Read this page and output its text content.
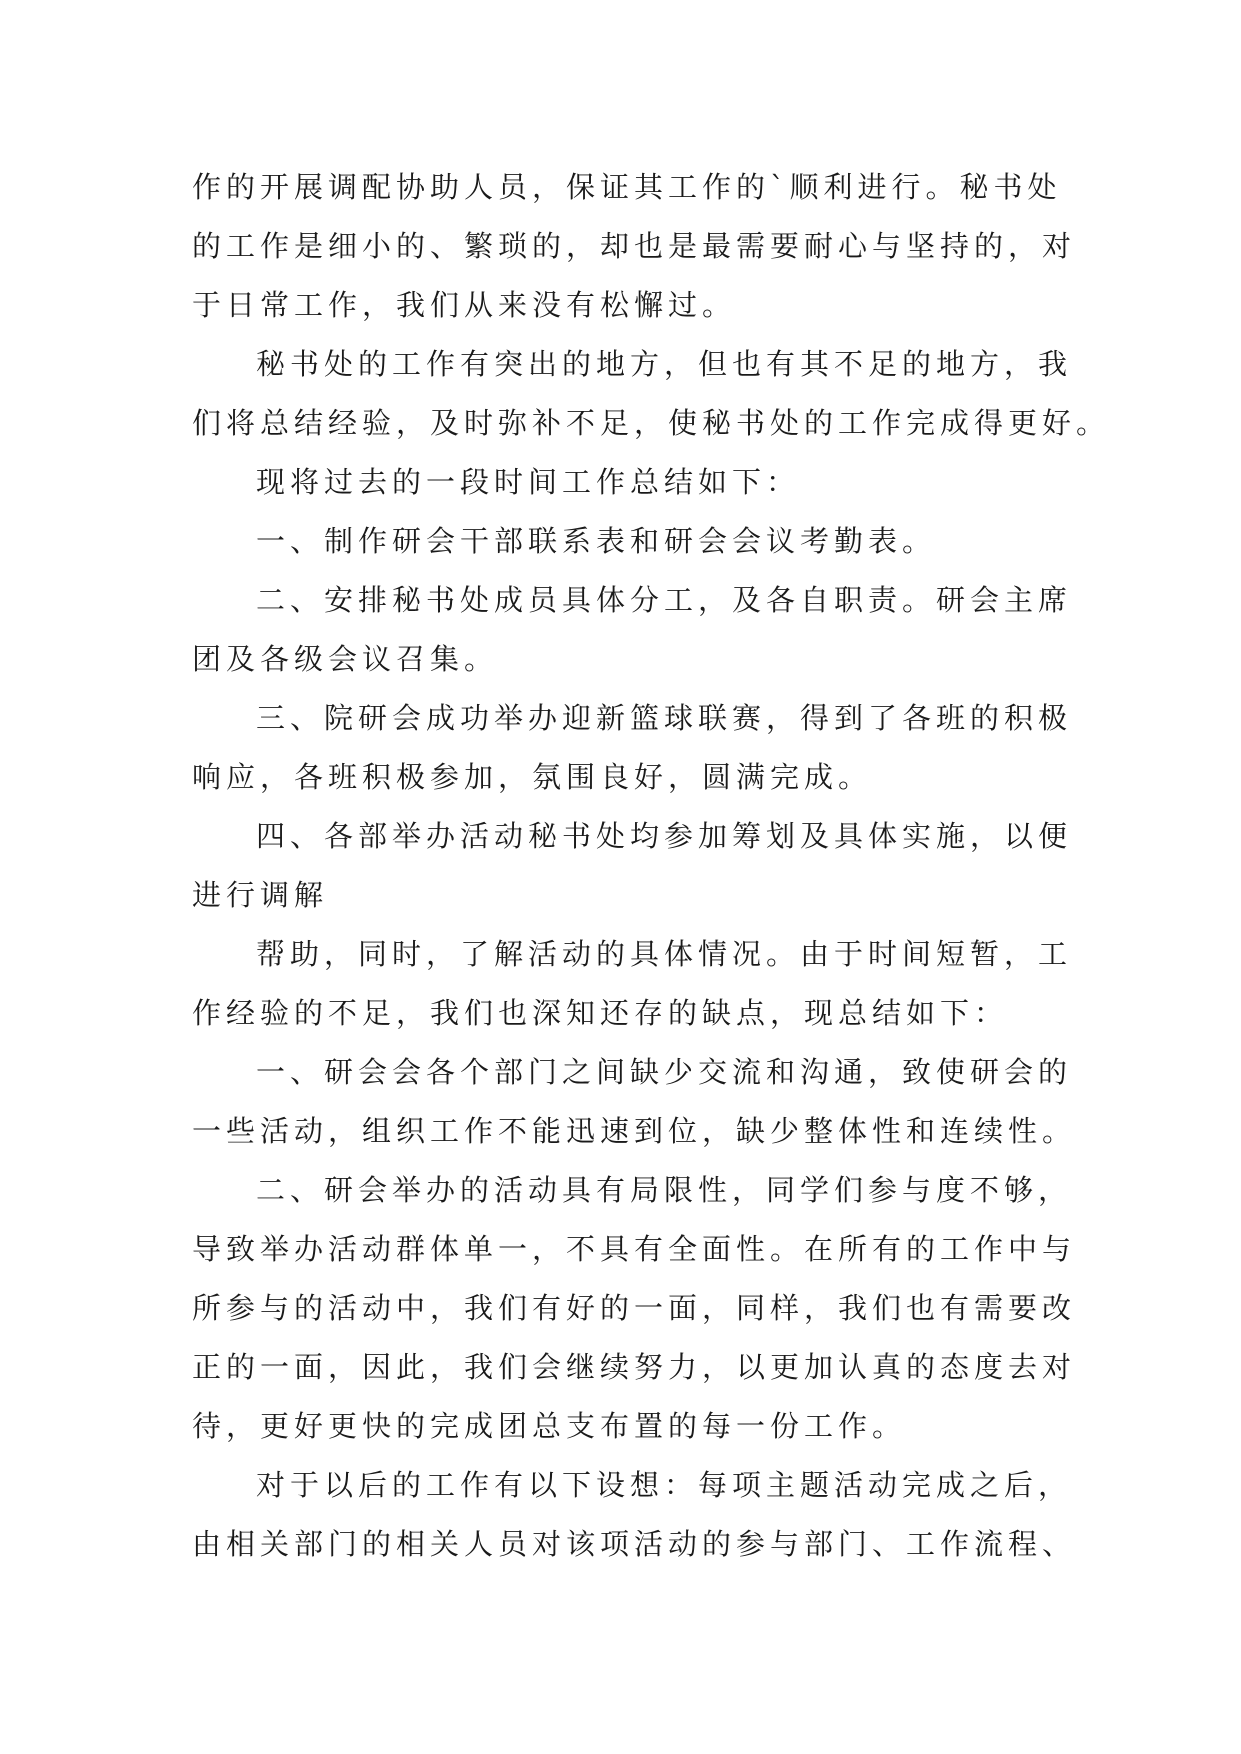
作的开展调配协助人员，保证其工作的`顺利进行。秘书处
的工作是细小的、繁琐的，却也是最需要耐心与坚持的，对
于日常工作，我们从来没有松懈过。
秘书处的工作有突出的地方，但也有其不足的地方，我
们将总结经验，及时弥补不足，使秘书处的工作完成得更好。
现将过去的一段时间工作总结如下：
一、制作研会干部联系表和研会会议考勤表。
二、安排秘书处成员具体分工，及各自职责。研会主席
团及各级会议召集。
三、院研会成功举办迎新篮球联赛，得到了各班的积极
响应，各班积极参加，氛围良好，圆满完成。
四、各部举办活动秘书处均参加筹划及具体实施，以便
进行调解
帮助，同时，了解活动的具体情况。由于时间短暂，工
作经验的不足，我们也深知还存的缺点，现总结如下：
一、研会会各个部门之间缺少交流和沟通，致使研会的
一些活动，组织工作不能迅速到位，缺少整体性和连续性。
二、研会举办的活动具有局限性，同学们参与度不够，
导致举办活动群体单一，不具有全面性。在所有的工作中与
所参与的活动中，我们有好的一面，同样，我们也有需要改
正的一面，因此，我们会继续努力，以更加认真的态度去对
待，更好更快的完成团总支布置的每一份工作。
对于以后的工作有以下设想：每项主题活动完成之后，
由相关部门的相关人员对该项活动的参与部门、工作流程、
